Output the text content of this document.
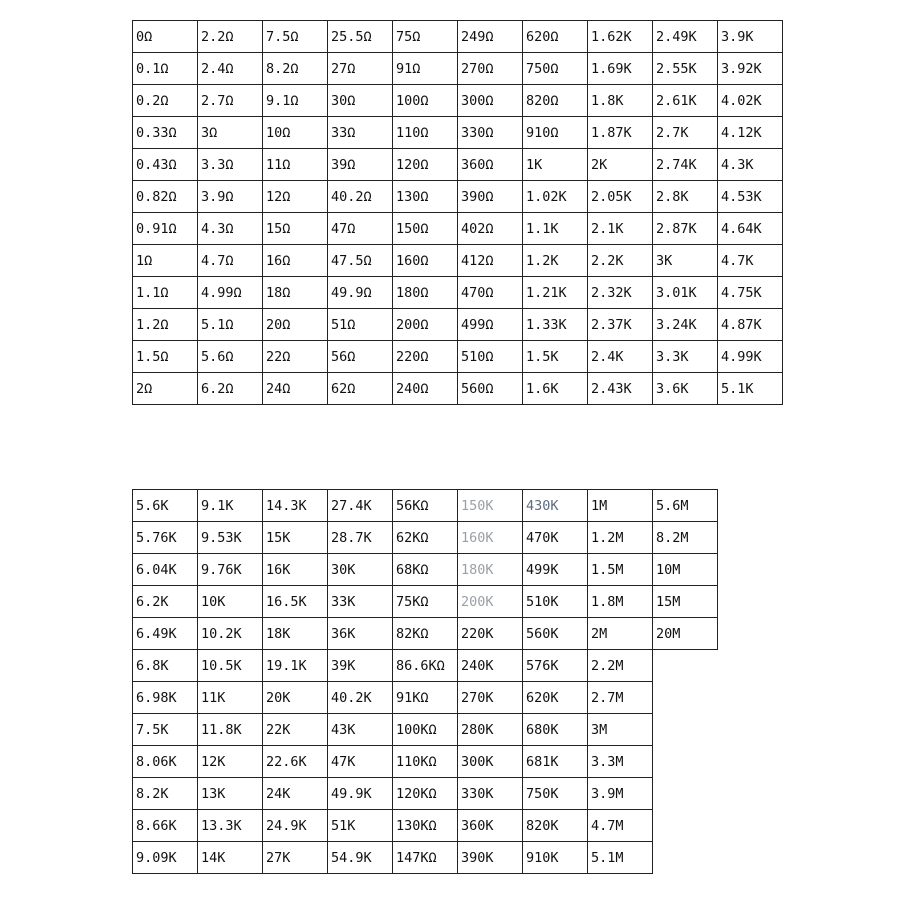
0Ω	2.2Ω	7.5Ω	25.5Ω	75Ω	249Ω	620Ω	1.62K	2.49K	3.9K
0.1Ω	2.4Ω	8.2Ω	27Ω	91Ω	270Ω	750Ω	1.69K	2.55K	3.92K
0.2Ω	2.7Ω	9.1Ω	30Ω	100Ω	300Ω	820Ω	1.8K	2.61K	4.02K
0.33Ω	3Ω	10Ω	33Ω	110Ω	330Ω	910Ω	1.87K	2.7K	4.12K
0.43Ω	3.3Ω	11Ω	39Ω	120Ω	360Ω	1K	2K	2.74K	4.3K
0.82Ω	3.9Ω	12Ω	40.2Ω	130Ω	390Ω	1.02K	2.05K	2.8K	4.53K
0.91Ω	4.3Ω	15Ω	47Ω	150Ω	402Ω	1.1K	2.1K	2.87K	4.64K
1Ω	4.7Ω	16Ω	47.5Ω	160Ω	412Ω	1.2K	2.2K	3K	4.7K
1.1Ω	4.99Ω	18Ω	49.9Ω	180Ω	470Ω	1.21K	2.32K	3.01K	4.75K
1.2Ω	5.1Ω	20Ω	51Ω	200Ω	499Ω	1.33K	2.37K	3.24K	4.87K
1.5Ω	5.6Ω	22Ω	56Ω	220Ω	510Ω	1.5K	2.4K	3.3K	4.99K
2Ω	6.2Ω	24Ω	62Ω	240Ω	560Ω	1.6K	2.43K	3.6K	5.1K
5.6K	9.1K	14.3K	27.4K	56KΩ	150K	430K	1M	5.6M
5.76K	9.53K	15K	28.7K	62KΩ	160K	470K	1.2M	8.2M
6.04K	9.76K	16K	30K	68KΩ	180K	499K	1.5M	10M
6.2K	10K	16.5K	33K	75KΩ	200K	510K	1.8M	15M
6.49K	10.2K	18K	36K	82KΩ	220K	560K	2M	20M
6.8K	10.5K	19.1K	39K	86.6KΩ	240K	576K	2.2M	
6.98K	11K	20K	40.2K	91KΩ	270K	620K	2.7M	
7.5K	11.8K	22K	43K	100KΩ	280K	680K	3M	
8.06K	12K	22.6K	47K	110KΩ	300K	681K	3.3M	
8.2K	13K	24K	49.9K	120KΩ	330K	750K	3.9M	
8.66K	13.3K	24.9K	51K	130KΩ	360K	820K	4.7M	
9.09K	14K	27K	54.9K	147KΩ	390K	910K	5.1M	
